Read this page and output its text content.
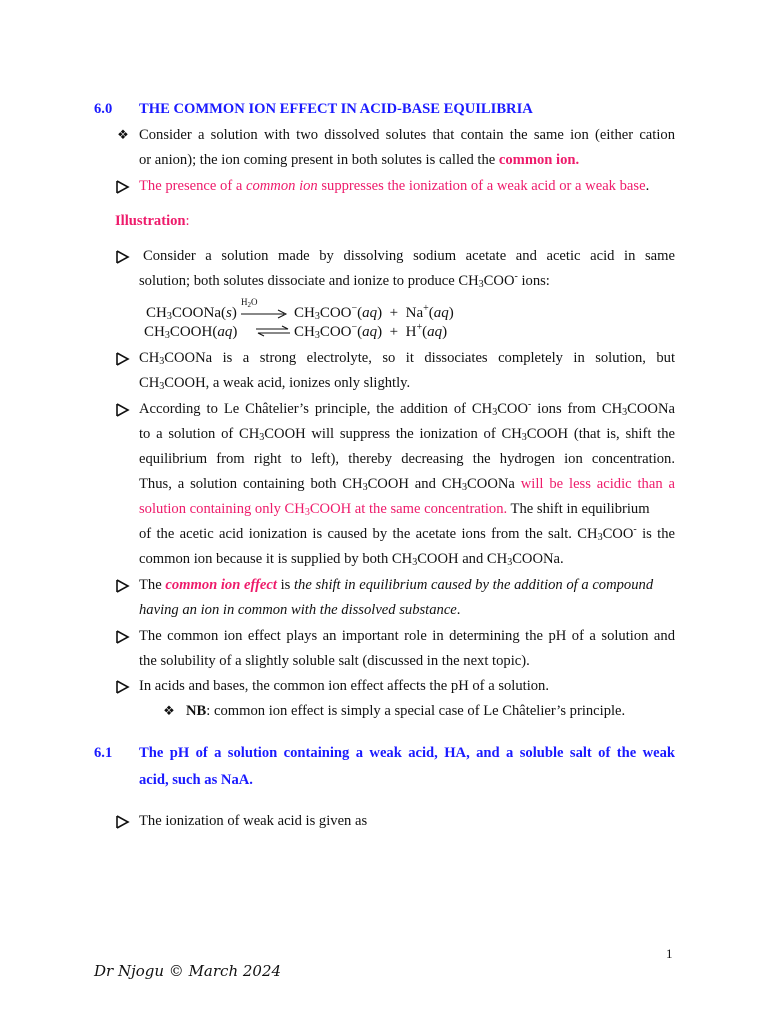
6.0 THE COMMON ION EFFECT IN ACID-BASE EQUILIBRIA
❖ Consider a solution with two dissolved solutes that contain the same ion (either cation
or anion); the ion coming present in both solutes is called the common ion.
The presence of a common ion suppresses the ionization of a weak acid or a weak base.
Illustration:
Consider a solution made by dissolving sodium acetate and acetic acid in same
solution; both solutes dissociate and ionize to produce $CH_3COO^-$ ions:
$CH_3COONa(s)$
$H_2O$
→ $CH_3COO^-(aq) + Na^+(aq)$
$CH_3COOH(aq)$ ⇌ $CH_3COO^-(aq) + H^+(aq)$
$CH_3COONa$ is a strong electrolyte, so it dissociates completely in solution, but
$CH_3COOH$, a weak acid, ionizes only slightly.
According to Le Châtelier’s principle, the addition of $CH_3COO^-$ ions from $CH_3COONa$
to a solution of $CH_3COOH$ will suppress the ionization of $CH_3COOH$ (that is, shift the
equilibrium from right to left), thereby decreasing the hydrogen ion concentration.
Thus, a solution containing both $CH_3COOH$ and $CH_3COONa$ will be less acidic than a
solution containing only $CH_3COOH$ at the same concentration. The shift in equilibrium
of the acetic acid ionization is caused by the acetate ions from the salt. $CH_3COO^-$ is the
common ion because it is supplied by both $CH_3COOH$ and $CH_3COONa$.
The common ion effect is the shift in equilibrium caused by the addition of a compound
having an ion in common with the dissolved substance.
The common ion effect plays an important role in determining the pH of a solution and
the solubility of a slightly soluble salt (discussed in the next topic).
In acids and bases, the common ion effect affects the pH of a solution.
❖ NB: common ion effect is simply a special case of Le Châtelier’s principle.
6.1 The pH of a solution containing a weak acid, HA, and a soluble salt of the weak
acid, such as NaA.
The ionization of weak acid is given as
1
Dr Njogu © March 2024
